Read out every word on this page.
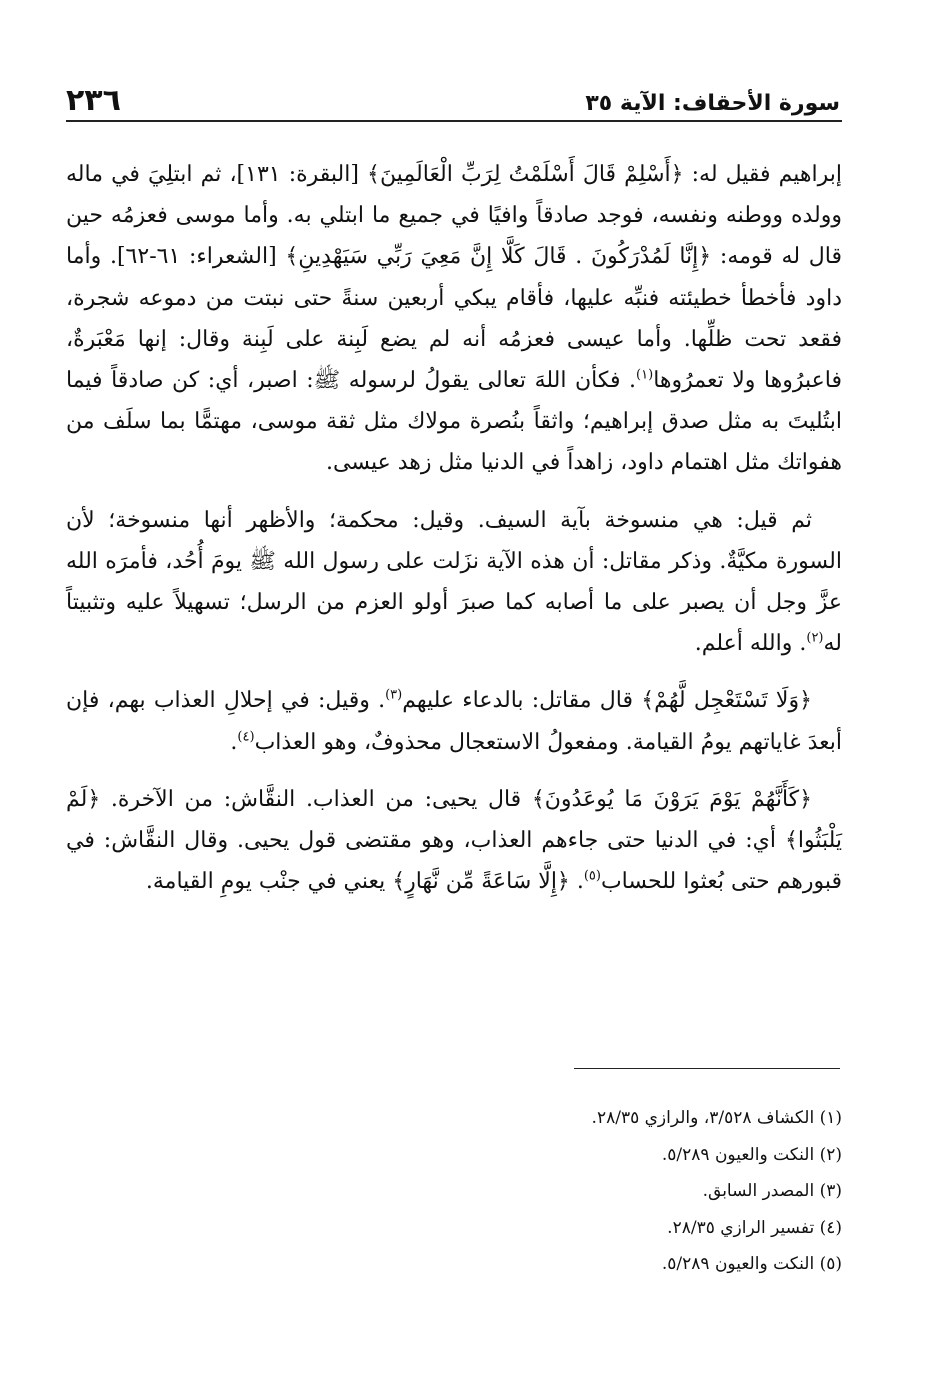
٢٣٦	سورة الأحقاف: الآية ٣٥

إبراهيم فقيل له: ﴿أَسْلِمْ قَالَ أَسْلَمْتُ لِرَبِّ الْعَالَمِينَ﴾ [البقرة: ١٣١]، ثم ابتلِيَ في ماله وولده ووطنه ونفسه، فوجد صادقاً وافيًا في جميع ما ابتلي به. وأما موسى فعزمُه حين قال له قومه: ﴿إِنَّا لَمُدْرَكُونَ . قَالَ كَلَّا إِنَّ مَعِيَ رَبِّي سَيَهْدِينِ﴾ [الشعراء: ٦١-٦٢]. وأما داود فأخطأ خطيئته فنبِّه عليها، فأقام يبكي أربعين سنةً حتى نبتت من دموعه شجرة، فقعد تحت ظلِّها. وأما عيسى فعزمُه أنه لم يضع لَبِنة على لَبِنة وقال: إنها مَعْبَرةٌ، فاعبرُوها ولا تعمرُوها$^{(١)}$. فكأن اللهَ تعالى يقولُ لرسوله ﷺ: اصبر، أي: كن صادقاً فيما ابتُليتَ به مثل صدق إبراهيم؛ واثقاً بنُصرة مولاك مثل ثقة موسى، مهتمًّا بما سلَف من هفواتك مثل اهتمام داود، زاهداً في الدنيا مثل زهد عيسى.

ثم قيل: هي منسوخة بآية السيف. وقيل: محكمة؛ والأظهر أنها منسوخة؛ لأن السورة مكيَّةٌ. وذكر مقاتل: أن هذه الآية نزَلت على رسول الله ﷺ يومَ أُحُد، فأمرَه الله عزَّ وجل أن يصبر على ما أصابه كما صبرَ أولو العزم من الرسل؛ تسهيلاً عليه وتثبيتاً له$^{(٢)}$. والله أعلم.

﴿وَلَا تَسْتَعْجِل لَّهُمْ﴾ قال مقاتل: بالدعاء عليهم$^{(٣)}$. وقيل: في إحلالِ العذاب بهم، فإن أبعدَ غاياتهم يومُ القيامة. ومفعولُ الاستعجال محذوفٌ، وهو العذاب$^{(٤)}$.

﴿كَأَنَّهُمْ يَوْمَ يَرَوْنَ مَا يُوعَدُونَ﴾ قال يحيى: من العذاب. النقَّاش: من الآخرة. ﴿لَمْ يَلْبَثُوا﴾ أي: في الدنيا حتى جاءهم العذاب، وهو مقتضى قول يحيى. وقال النقَّاش: في قبورهم حتى بُعثوا للحساب$^{(٥)}$. ﴿إِلَّا سَاعَةً مِّن نَّهَارٍ﴾ يعني في جنْب يومِ القيامة.

(١) الكشاف ٣/٥٢٨، والرازي ٢٨/٣٥.
(٢) النكت والعيون ٥/٢٨٩.
(٣) المصدر السابق.
(٤) تفسير الرازي ٢٨/٣٥.
(٥) النكت والعيون ٥/٢٨٩.
